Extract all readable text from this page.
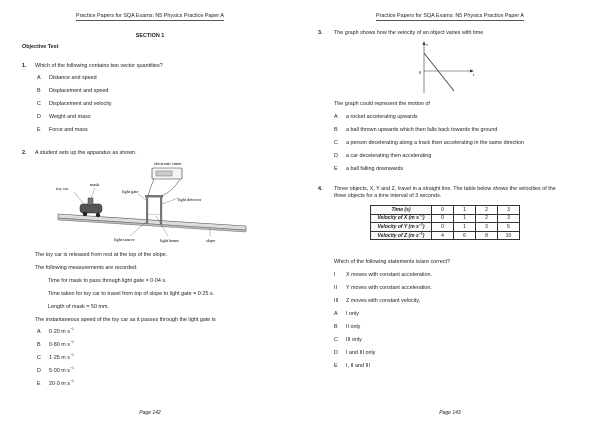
Practice Papers for SQA Exams: N5 Physics Practice Paper A
SECTION 1
Objective Test
1. Which of the following contains two vector quantities?
A Distance and speed
B Displacement and speed
C Displacement and velocity
D Weight and mass
E Force and mass
2. A student sets up the apparatus as shown.
electronic timer
toy car
mask
light gate
light detector
light source	light beam	slope
The toy car is released from rest at the top of the slope.
The following measurements are recorded.
Time for mask to pass through light gate = 0·04 s.
Time taken for toy car to travel from top of slope to light gate = 0·25 s.
Length of mask = 50 mm.
The instantaneous speed of the toy car as it passes through the light gate is
A 0·20 m $s^{-1}$
B 0·80 m $s^{-1}$
C 1·25 m $s^{-1}$
D 5·00 m $s^{-1}$
E 20·0 m $s^{-1}$
Page 142
Practice Papers for SQA Exams: N5 Physics Practice Paper A
3. The graph shows how the velocity of an object varies with time
v
t
0
The graph could represent the motion of
A a rocket accelerating upwards
B a ball thrown upwards which then falls back towards the ground
C a person decelerating along a track then accelerating in the same direction
D a car decelerating then accelerating
E a ball falling downwards
4. Three objects, X, Y and Z, travel in a straight line. The table below shows the velocities of the
three objects for a time interval of 3 seconds.
Time (s)	0	1	2	3
Velocity of X (m $s^{-1}$)	0	1	2	3
Velocity of Y (m $s^{-1}$)	0	1	3	5
Velocity of Z (m $s^{-1}$)	4	6	8	10
Which of the following statements is/are correct?
I X moves with constant acceleration.
II Y moves with constant acceleration.
III Z moves with constant velocity.
A I only
B II only
C III only
D I and III only
E I, II and III
Page 143
